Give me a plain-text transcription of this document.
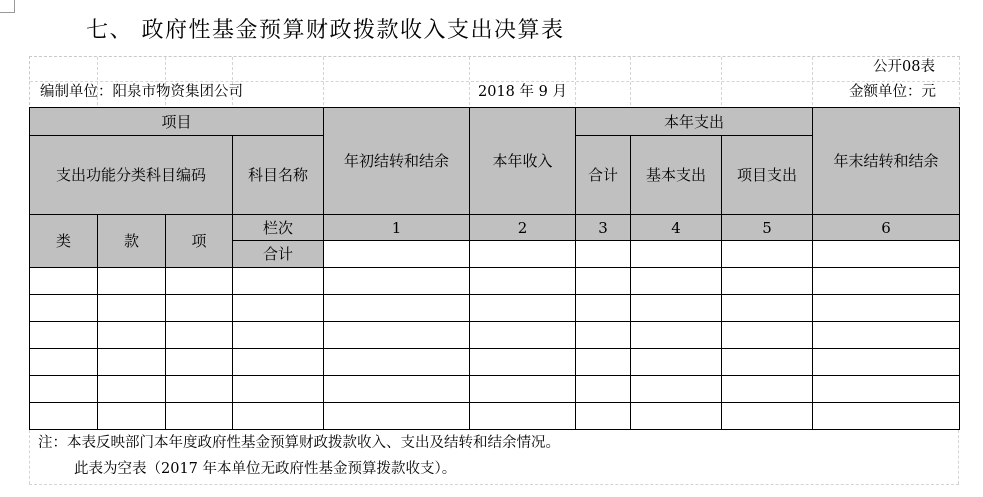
七、 政府性基金预算财政拨款收入支出决算表
公开08表
编制单位：阳泉市物资集团公司	2018 年 9 月	金额单位：元
项目				年初结转和结余	本年收入	本年支出			年末结转和结余
支出功能分类科目编码			科目名称			合计	基本支出	项目支出	
类	款	项	栏次	1	2	3	4	5	6
			合计						

注：本表反映部门本年度政府性基金预算财政拨款收入、支出及结转和结余情况。
此表为空表（2017 年本单位无政府性基金预算拨款收支）。
